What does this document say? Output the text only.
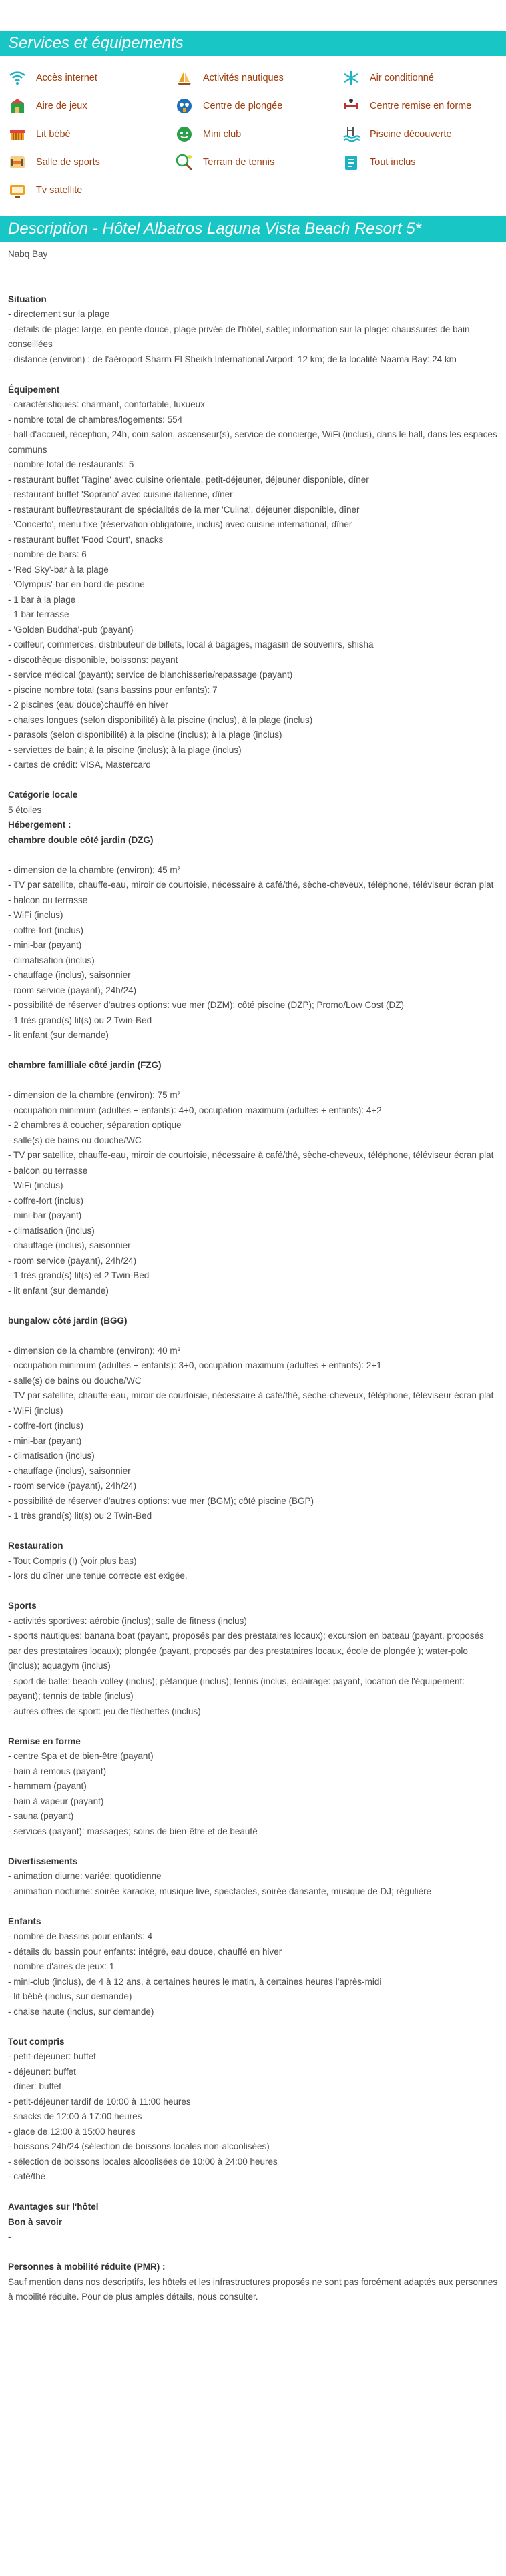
Services et équipements
Accès internet	Activités nautiques	Air conditionné
Aire de jeux	Centre de plongée	Centre remise en forme
Lit bébé	Mini club	Piscine découverte
Salle de sports	Terrain de tennis	Tout inclus
Tv satellite
Description - Hôtel Albatros Laguna Vista Beach Resort 5*
Nabq Bay
Situation
- directement sur la plage
- détails de plage: large, en pente douce, plage privée de l'hôtel, sable; information sur la plage: chaussures de bain conseillées
- distance (environ) : de l'aéroport Sharm El Sheikh International Airport: 12 km; de la localité Naama Bay: 24 km
Équipement
- caractéristiques: charmant, confortable, luxueux
- nombre total de chambres/logements: 554
- hall d'accueil, réception, 24h, coin salon, ascenseur(s), service de concierge, WiFi (inclus), dans le hall, dans les espaces communs
- nombre total de restaurants: 5
- restaurant buffet 'Tagine' avec cuisine orientale, petit-déjeuner, déjeuner disponible, dîner
- restaurant buffet 'Soprano' avec cuisine italienne, dîner
- restaurant buffet/restaurant de spécialités de la mer 'Culina', déjeuner disponible, dîner
- 'Concerto', menu fixe (réservation obligatoire, inclus) avec cuisine international, dîner
- restaurant buffet 'Food Court', snacks
- nombre de bars: 6
- 'Red Sky'-bar à la plage
- 'Olympus'-bar en bord de piscine
- 1 bar à la plage
- 1 bar terrasse
- 'Golden Buddha'-pub (payant)
- coiffeur, commerces, distributeur de billets, local à bagages, magasin de souvenirs, shisha
- discothèque disponible, boissons: payant
- service médical (payant); service de blanchisserie/repassage (payant)
- piscine nombre total (sans bassins pour enfants): 7
- 2 piscines (eau douce)chauffé en hiver
- chaises longues (selon disponibilité) à la piscine (inclus), à la plage (inclus)
- parasols (selon disponibilité) à la piscine (inclus); à la plage (inclus)
- serviettes de bain; à la piscine (inclus); à la plage (inclus)
- cartes de crédit: VISA, Mastercard
Catégorie locale
5 étoiles
Hébergement :
chambre double côté jardin (DZG)
- dimension de la chambre (environ): 45 m²
- TV par satellite, chauffe-eau, miroir de courtoisie, nécessaire à café/thé, sèche-cheveux, téléphone, téléviseur écran plat
- balcon ou terrasse
- WiFi (inclus)
- coffre-fort (inclus)
- mini-bar (payant)
- climatisation (inclus)
- chauffage (inclus), saisonnier
- room service (payant), 24h/24)
- possibilité de réserver d'autres options: vue mer (DZM); côté piscine (DZP); Promo/Low Cost (DZ)
- 1 très grand(s) lit(s) ou 2 Twin-Bed
- lit enfant (sur demande)
chambre familliale côté jardin (FZG)
- dimension de la chambre (environ): 75 m²
- occupation minimum (adultes + enfants): 4+0, occupation maximum (adultes + enfants): 4+2
- 2 chambres à coucher, séparation optique
- salle(s) de bains ou douche/WC
- TV par satellite, chauffe-eau, miroir de courtoisie, nécessaire à café/thé, sèche-cheveux, téléphone, téléviseur écran plat
- balcon ou terrasse
- WiFi (inclus)
- coffre-fort (inclus)
- mini-bar (payant)
- climatisation (inclus)
- chauffage (inclus), saisonnier
- room service (payant), 24h/24)
- 1 très grand(s) lit(s) et 2 Twin-Bed
- lit enfant (sur demande)
bungalow côté jardin (BGG)
- dimension de la chambre (environ): 40 m²
- occupation minimum (adultes + enfants): 3+0, occupation maximum (adultes + enfants): 2+1
- salle(s) de bains ou douche/WC
- TV par satellite, chauffe-eau, miroir de courtoisie, nécessaire à café/thé, sèche-cheveux, téléphone, téléviseur écran plat
- WiFi (inclus)
- coffre-fort (inclus)
- mini-bar (payant)
- climatisation (inclus)
- chauffage (inclus), saisonnier
- room service (payant), 24h/24)
- possibilité de réserver d'autres options: vue mer (BGM); côté piscine (BGP)
- 1 très grand(s) lit(s) ou 2 Twin-Bed
Restauration
- Tout Compris (I) (voir plus bas)
- lors du dîner une tenue correcte est exigée.
Sports
- activités sportives: aérobic (inclus); salle de fitness (inclus)
- sports nautiques: banana boat (payant, proposés par des prestataires locaux); excursion en bateau (payant, proposés par des prestataires locaux); plongée (payant, proposés par des prestataires locaux, école de plongée ); water-polo (inclus); aquagym (inclus)
- sport de balle: beach-volley (inclus); pétanque (inclus); tennis (inclus, éclairage: payant, location de l'équipement: payant); tennis de table (inclus)
- autres offres de sport: jeu de fléchettes (inclus)
Remise en forme
- centre Spa et de bien-être (payant)
- bain à remous (payant)
- hammam (payant)
- bain à vapeur (payant)
- sauna (payant)
- services (payant): massages; soins de bien-être et de beauté
Divertissements
- animation diurne: variée; quotidienne
- animation nocturne: soirée karaoke, musique live, spectacles, soirée dansante, musique de DJ; régulière
Enfants
- nombre de bassins pour enfants: 4
- détails du bassin pour enfants: intégré, eau douce, chauffé en hiver
- nombre d'aires de jeux: 1
- mini-club (inclus), de 4 à 12 ans, à certaines heures le matin, à certaines heures l'après-midi
- lit bébé (inclus, sur demande)
- chaise haute (inclus, sur demande)
Tout compris
- petit-déjeuner: buffet
- déjeuner: buffet
- dîner: buffet
- petit-déjeuner tardif de 10:00 à 11:00 heures
- snacks de 12:00 à 17:00 heures
- glace de 12:00 à 15:00 heures
- boissons 24h/24 (sélection de boissons locales non-alcoolisées)
- sélection de boissons locales alcoolisées de 10:00 à 24:00 heures
- café/thé
Avantages sur l'hôtel
Bon à savoir
-
Personnes à mobilité réduite (PMR) :
Sauf mention dans nos descriptifs, les hôtels et les infrastructures proposés ne sont pas forcément adaptés aux personnes à mobilité réduite. Pour de plus amples détails, nous consulter.
